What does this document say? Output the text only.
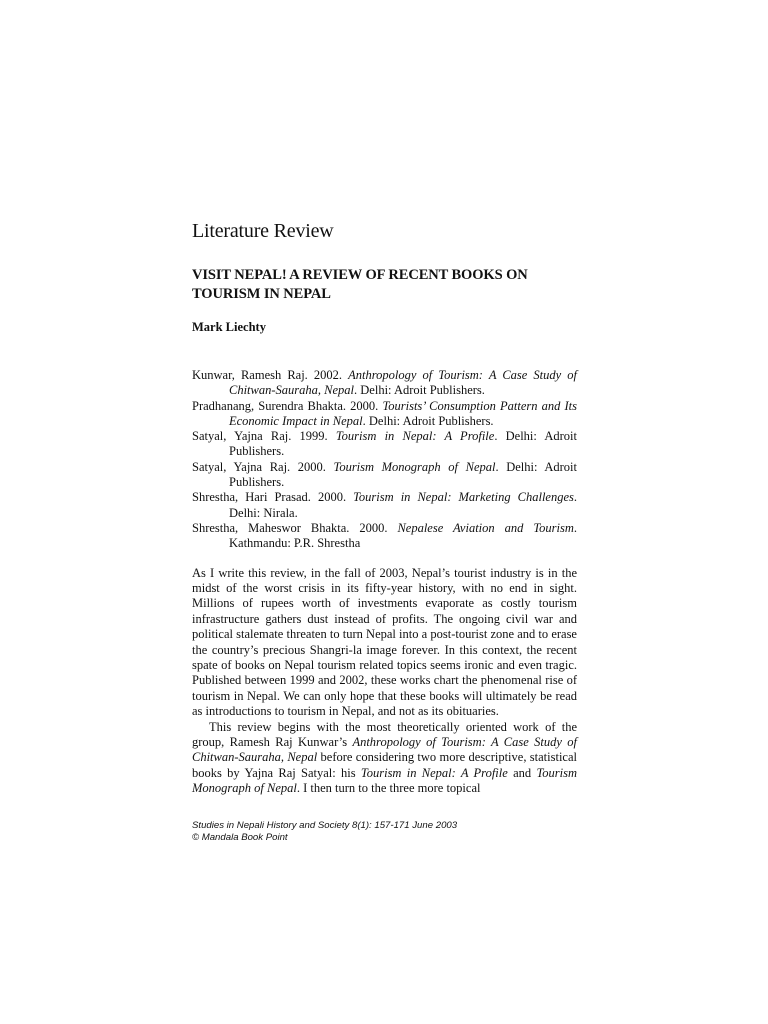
Literature Review
VISIT NEPAL! A REVIEW OF RECENT BOOKS ON TOURISM IN NEPAL

Mark Liechty

Kunwar, Ramesh Raj. 2002. Anthropology of Tourism: A Case Study of Chitwan-Sauraha, Nepal. Delhi: Adroit Publishers.
Pradhanang, Surendra Bhakta. 2000. Tourists’ Consumption Pattern and Its Economic Impact in Nepal. Delhi: Adroit Publishers.
Satyal, Yajna Raj. 1999. Tourism in Nepal: A Profile. Delhi: Adroit Publishers.
Satyal, Yajna Raj. 2000. Tourism Monograph of Nepal. Delhi: Adroit Publishers.
Shrestha, Hari Prasad. 2000. Tourism in Nepal: Marketing Challenges. Delhi: Nirala.
Shrestha, Maheswor Bhakta. 2000. Nepalese Aviation and Tourism. Kathmandu: P.R. Shrestha

As I write this review, in the fall of 2003, Nepal’s tourist industry is in the midst of the worst crisis in its fifty-year history, with no end in sight. Millions of rupees worth of investments evaporate as costly tourism infrastructure gathers dust instead of profits. The ongoing civil war and political stalemate threaten to turn Nepal into a post-tourist zone and to erase the country’s precious Shangri-la image forever. In this context, the recent spate of books on Nepal tourism related topics seems ironic and even tragic. Published between 1999 and 2002, these works chart the phenomenal rise of tourism in Nepal. We can only hope that these books will ultimately be read as introductions to tourism in Nepal, and not as its obituaries.

This review begins with the most theoretically oriented work of the group, Ramesh Raj Kunwar’s Anthropology of Tourism: A Case Study of Chitwan-Sauraha, Nepal before considering two more descriptive, statistical books by Yajna Raj Satyal: his Tourism in Nepal: A Profile and Tourism Monograph of Nepal. I then turn to the three more topical

Studies in Nepali History and Society 8(1): 157-171 June 2003
© Mandala Book Point
